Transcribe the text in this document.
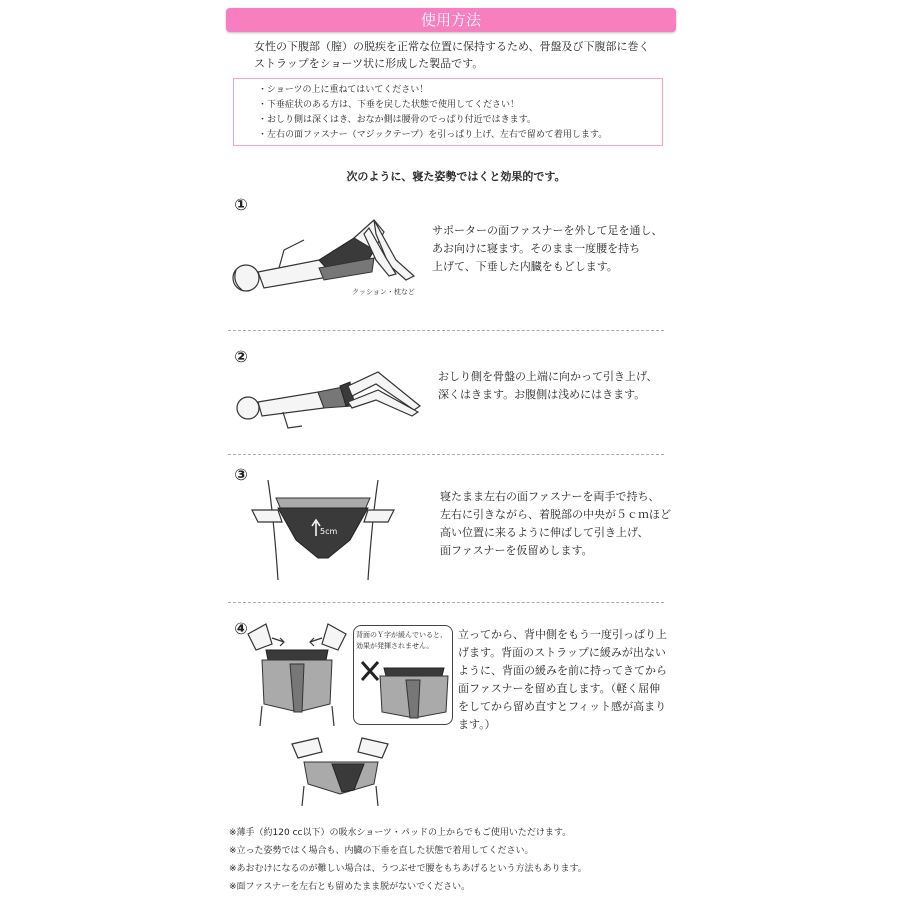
使用方法
女性の下腹部（膣）の脱疾を正常な位置に保持するため、骨盤及び下腹部に巻く
ストラップをショーツ状に形成した製品です。
・ショーツの上に重ねてはいてください！
・下垂症状のある方は、下垂を戻した状態で使用してください！
・おしり側は深くはき、おなか側は腰骨のでっぱり付近ではきます。
・左右の面ファスナー（マジックテープ）を引っぱり上げ、左右で留めて着用します。
次のように、寝た姿勢ではくと効果的です。
①
クッション・枕など
サポーターの面ファスナーを外して足を通し、
あお向けに寝ます。そのまま一度腰を持ち
上げて、下垂した内臓をもどします。
②
おしり側を骨盤の上端に向かって引き上げ、
深くはきます。お腹側は浅めにはきます。
③
5cm
寝たまま左右の面ファスナーを両手で持ち、
左右に引きながら、着脱部の中央が５ｃｍほど
高い位置に来るように伸ばして引き上げ、
面ファスナーを仮留めします。
④	背面のＹ字が緩んでいると、
効果が発揮されません。
立ってから、背中側をもう一度引っぱり上
げます。背面のストラップに緩みが出ない
ように、背面の緩みを前に持ってきてから
面ファスナーを留め直します。（軽く屈伸
をしてから留め直すとフィット感が高まり
ます。）
※薄手（約120 cc以下）の吸水ショーツ・パッドの上からでもご使用いただけます。
※立った姿勢ではく場合も、内臓の下垂を直した状態で着用してください。
※あおむけになるのが難しい場合は、うつぶせで腰をもちあげるという方法もあります。
※面ファスナーを左右とも留めたまま脱がないでください。
